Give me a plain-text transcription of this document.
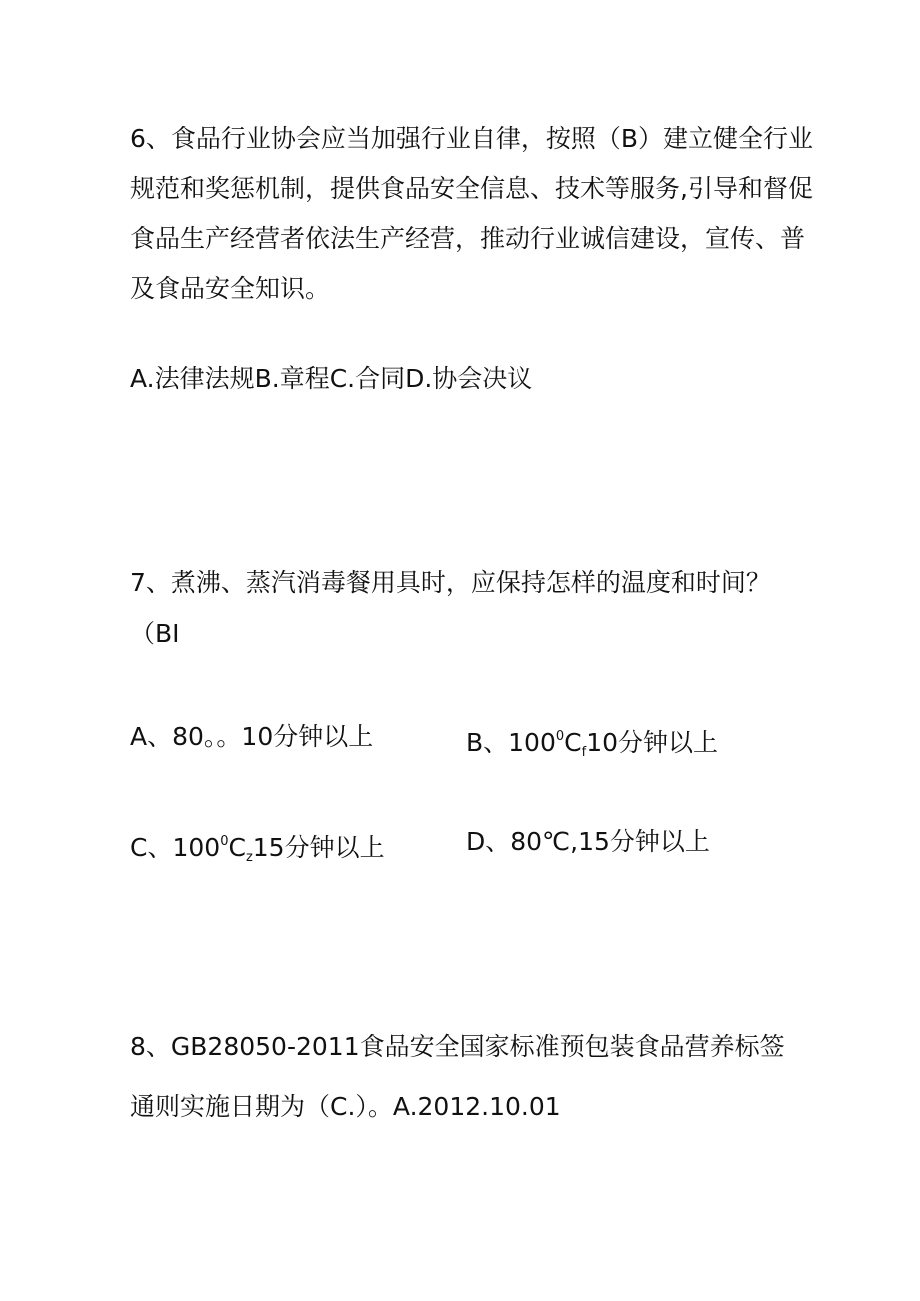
6、食品行业协会应当加强行业自律，按照（B）建立健全行业
规范和奖惩机制，提供食品安全信息、技术等服务,引导和督促
食品生产经营者依法生产经营，推动行业诚信建设，宣传、普
及食品安全知识。
A.法律法规B.章程C.合同D.协会决议
7、煮沸、蒸汽消毒餐用具时，应保持怎样的温度和时间？
（BI
A、80。。10分钟以上	B、$100^0C_f10$分钟以上
C、$100^0C_z15$分钟以上	D、80℃,15分钟以上
8、GB28050-2011食品安全国家标准预包装食品营养标签
通则实施日期为（C.）。A.2012.10.01
